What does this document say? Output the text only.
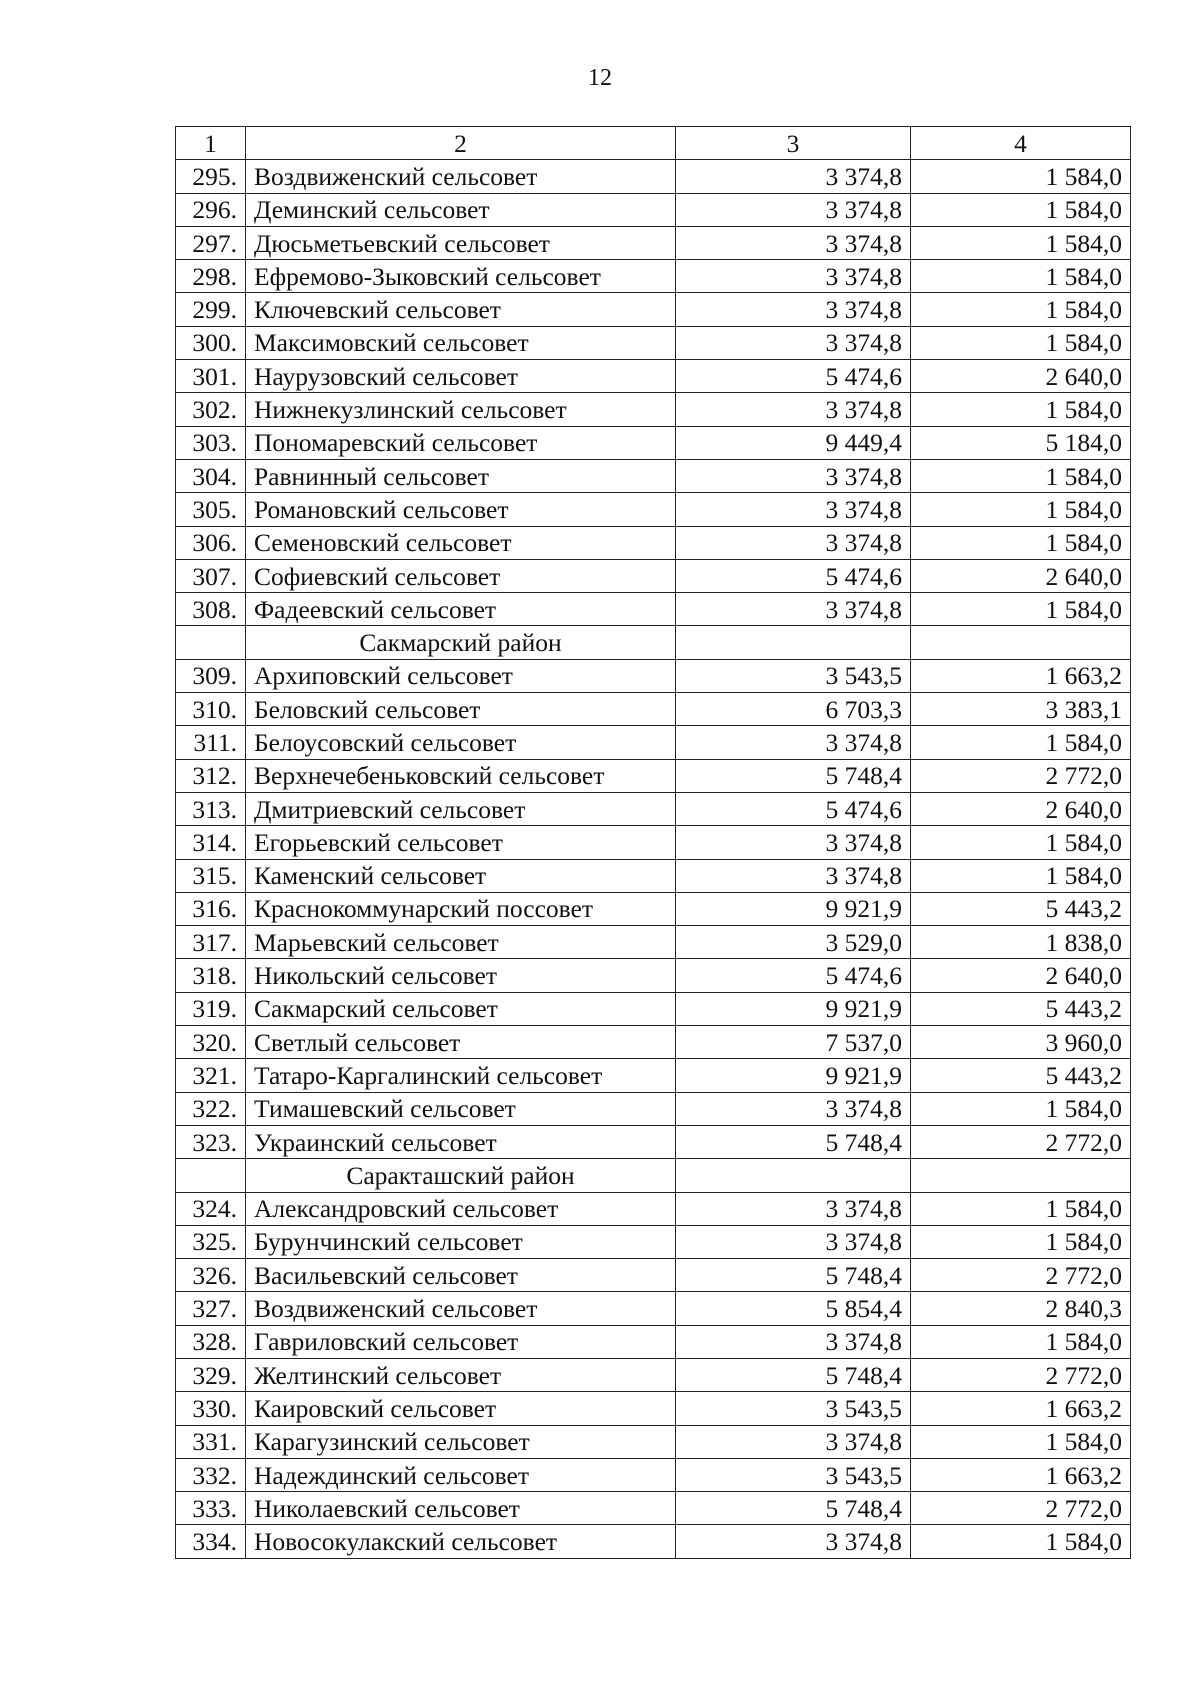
12
1	2	3	4
295.	Воздвиженский сельсовет	3 374,8	1 584,0
296.	Деминский сельсовет	3 374,8	1 584,0
297.	Дюсьметьевский сельсовет	3 374,8	1 584,0
298.	Ефремово-Зыковский сельсовет	3 374,8	1 584,0
299.	Ключевский сельсовет	3 374,8	1 584,0
300.	Максимовский сельсовет	3 374,8	1 584,0
301.	Наурузовский сельсовет	5 474,6	2 640,0
302.	Нижнекузлинский сельсовет	3 374,8	1 584,0
303.	Пономаревский сельсовет	9 449,4	5 184,0
304.	Равнинный сельсовет	3 374,8	1 584,0
305.	Романовский сельсовет	3 374,8	1 584,0
306.	Семеновский сельсовет	3 374,8	1 584,0
307.	Софиевский сельсовет	5 474,6	2 640,0
308.	Фадеевский сельсовет	3 374,8	1 584,0
	Сакмарский район		
309.	Архиповский сельсовет	3 543,5	1 663,2
310.	Беловский сельсовет	6 703,3	3 383,1
311.	Белоусовский сельсовет	3 374,8	1 584,0
312.	Верхнечебеньковский сельсовет	5 748,4	2 772,0
313.	Дмитриевский сельсовет	5 474,6	2 640,0
314.	Егорьевский сельсовет	3 374,8	1 584,0
315.	Каменский сельсовет	3 374,8	1 584,0
316.	Краснокоммунарский поссовет	9 921,9	5 443,2
317.	Марьевский сельсовет	3 529,0	1 838,0
318.	Никольский сельсовет	5 474,6	2 640,0
319.	Сакмарский сельсовет	9 921,9	5 443,2
320.	Светлый сельсовет	7 537,0	3 960,0
321.	Татаро-Каргалинский сельсовет	9 921,9	5 443,2
322.	Тимашевский сельсовет	3 374,8	1 584,0
323.	Украинский сельсовет	5 748,4	2 772,0
	Саракташский район		
324.	Александровский сельсовет	3 374,8	1 584,0
325.	Бурунчинский сельсовет	3 374,8	1 584,0
326.	Васильевский сельсовет	5 748,4	2 772,0
327.	Воздвиженский сельсовет	5 854,4	2 840,3
328.	Гавриловский сельсовет	3 374,8	1 584,0
329.	Желтинский сельсовет	5 748,4	2 772,0
330.	Каировский сельсовет	3 543,5	1 663,2
331.	Карагузинский сельсовет	3 374,8	1 584,0
332.	Надеждинский сельсовет	3 543,5	1 663,2
333.	Николаевский сельсовет	5 748,4	2 772,0
334.	Новосокулакский сельсовет	3 374,8	1 584,0
